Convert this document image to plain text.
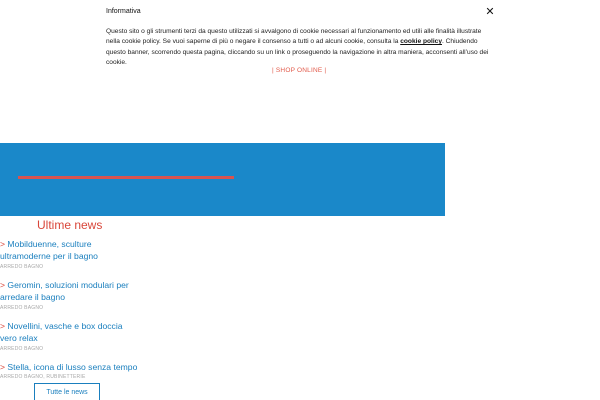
Informativa	✕
Questo sito o gli strumenti terzi da questo utilizzati si avvalgono di cookie necessari al funzionamento ed utili alle finalità illustrate nella cookie policy. Se vuoi saperne di più o negare il consenso a tutti o ad alcuni cookie, consulta la cookie policy. Chiudendo questo banner, scorrendo questa pagina, cliccando su un link o proseguendo la navigazione in altra maniera, acconsenti all’uso dei cookie.
| SHOP ONLINE |
Ultime news
> Mobilduenne, sculture ultramoderne per il bagno
ARREDO BAGNO
> Geromin, soluzioni modulari per arredare il bagno
ARREDO BAGNO
> Novellini, vasche e box doccia vero relax
ARREDO BAGNO
> Stella, icona di lusso senza tempo
ARREDO BAGNO, RUBINETTERIE
Tutte le news
